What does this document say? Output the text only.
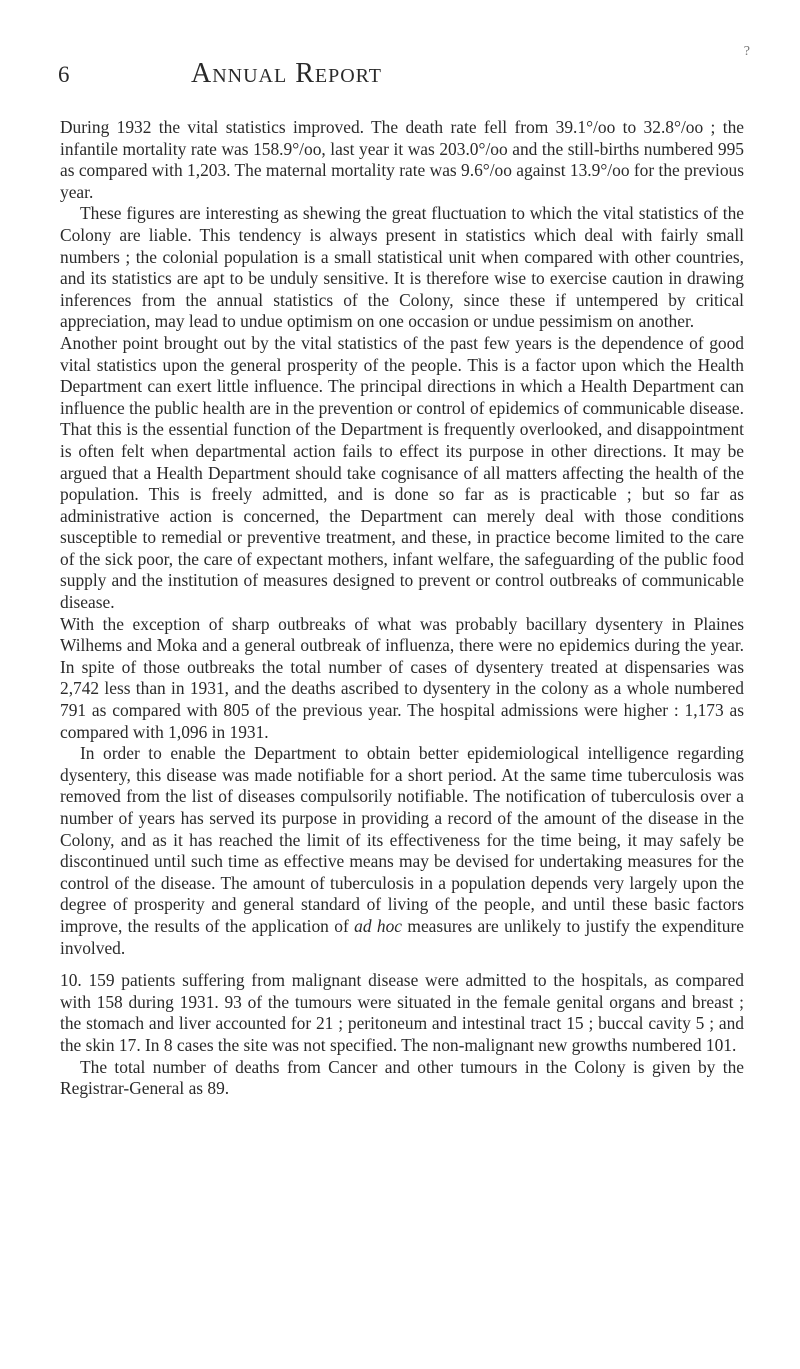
6	Annual Report
?

During 1932 the vital statistics improved. The death rate fell from 39.1°/oo to 32.8°/oo ; the infantile mortality rate was 158.9°/oo, last year it was 203.0°/oo and the still-births numbered 995 as compared with 1,203. The maternal mortality rate was 9.6°/oo against 13.9°/oo for the previous year.

These figures are interesting as shewing the great fluctuation to which the vital statistics of the Colony are liable. This tendency is always present in statistics which deal with fairly small numbers ; the colonial population is a small statistical unit when compared with other countries, and its statistics are apt to be unduly sensitive. It is therefore wise to exercise caution in drawing inferences from the annual statistics of the Colony, since these if untempered by critical appreciation, may lead to undue optimism on one occasion or undue pessimism on another.

Another point brought out by the vital statistics of the past few years is the dependence of good vital statistics upon the general prosperity of the people. This is a factor upon which the Health Department can exert little influence. The principal directions in which a Health Department can influence the public health are in the prevention or control of epidemics of communicable disease. That this is the essential function of the Department is frequently overlooked, and disappointment is often felt when departmental action fails to effect its purpose in other directions. It may be argued that a Health Department should take cognisance of all matters affecting the health of the population. This is freely admitted, and is done so far as is practicable ; but so far as administrative action is concerned, the Department can merely deal with those conditions susceptible to remedial or preventive treatment, and these, in practice become limited to the care of the sick poor, the care of expectant mothers, infant welfare, the safeguarding of the public food supply and the institution of measures designed to prevent or control outbreaks of communicable disease.

With the exception of sharp outbreaks of what was probably bacillary dysentery in Plaines Wilhems and Moka and a general outbreak of influenza, there were no epidemics during the year. In spite of those outbreaks the total number of cases of dysentery treated at dispensaries was 2,742 less than in 1931, and the deaths ascribed to dysentery in the colony as a whole numbered 791 as compared with 805 of the previous year. The hospital admissions were higher : 1,173 as compared with 1,096 in 1931.

In order to enable the Department to obtain better epidemiological intelligence regarding dysentery, this disease was made notifiable for a short period. At the same time tuberculosis was removed from the list of diseases compulsorily notifiable. The notification of tuberculosis over a number of years has served its purpose in providing a record of the amount of the disease in the Colony, and as it has reached the limit of its effectiveness for the time being, it may safely be discontinued until such time as effective means may be devised for undertaking measures for the control of the disease. The amount of tuberculosis in a population depends very largely upon the degree of prosperity and general standard of living of the people, and until these basic factors improve, the results of the application of ad hoc measures are unlikely to justify the expenditure involved.

10. 159 patients suffering from malignant disease were admitted to the hospitals, as compared with 158 during 1931. 93 of the tumours were situated in the female genital organs and breast ; the stomach and liver accounted for 21 ; peritoneum and intestinal tract 15 ; buccal cavity 5 ; and the skin 17. In 8 cases the site was not specified. The non-malignant new growths numbered 101.

The total number of deaths from Cancer and other tumours in the Colony is given by the Registrar-General as 89.
